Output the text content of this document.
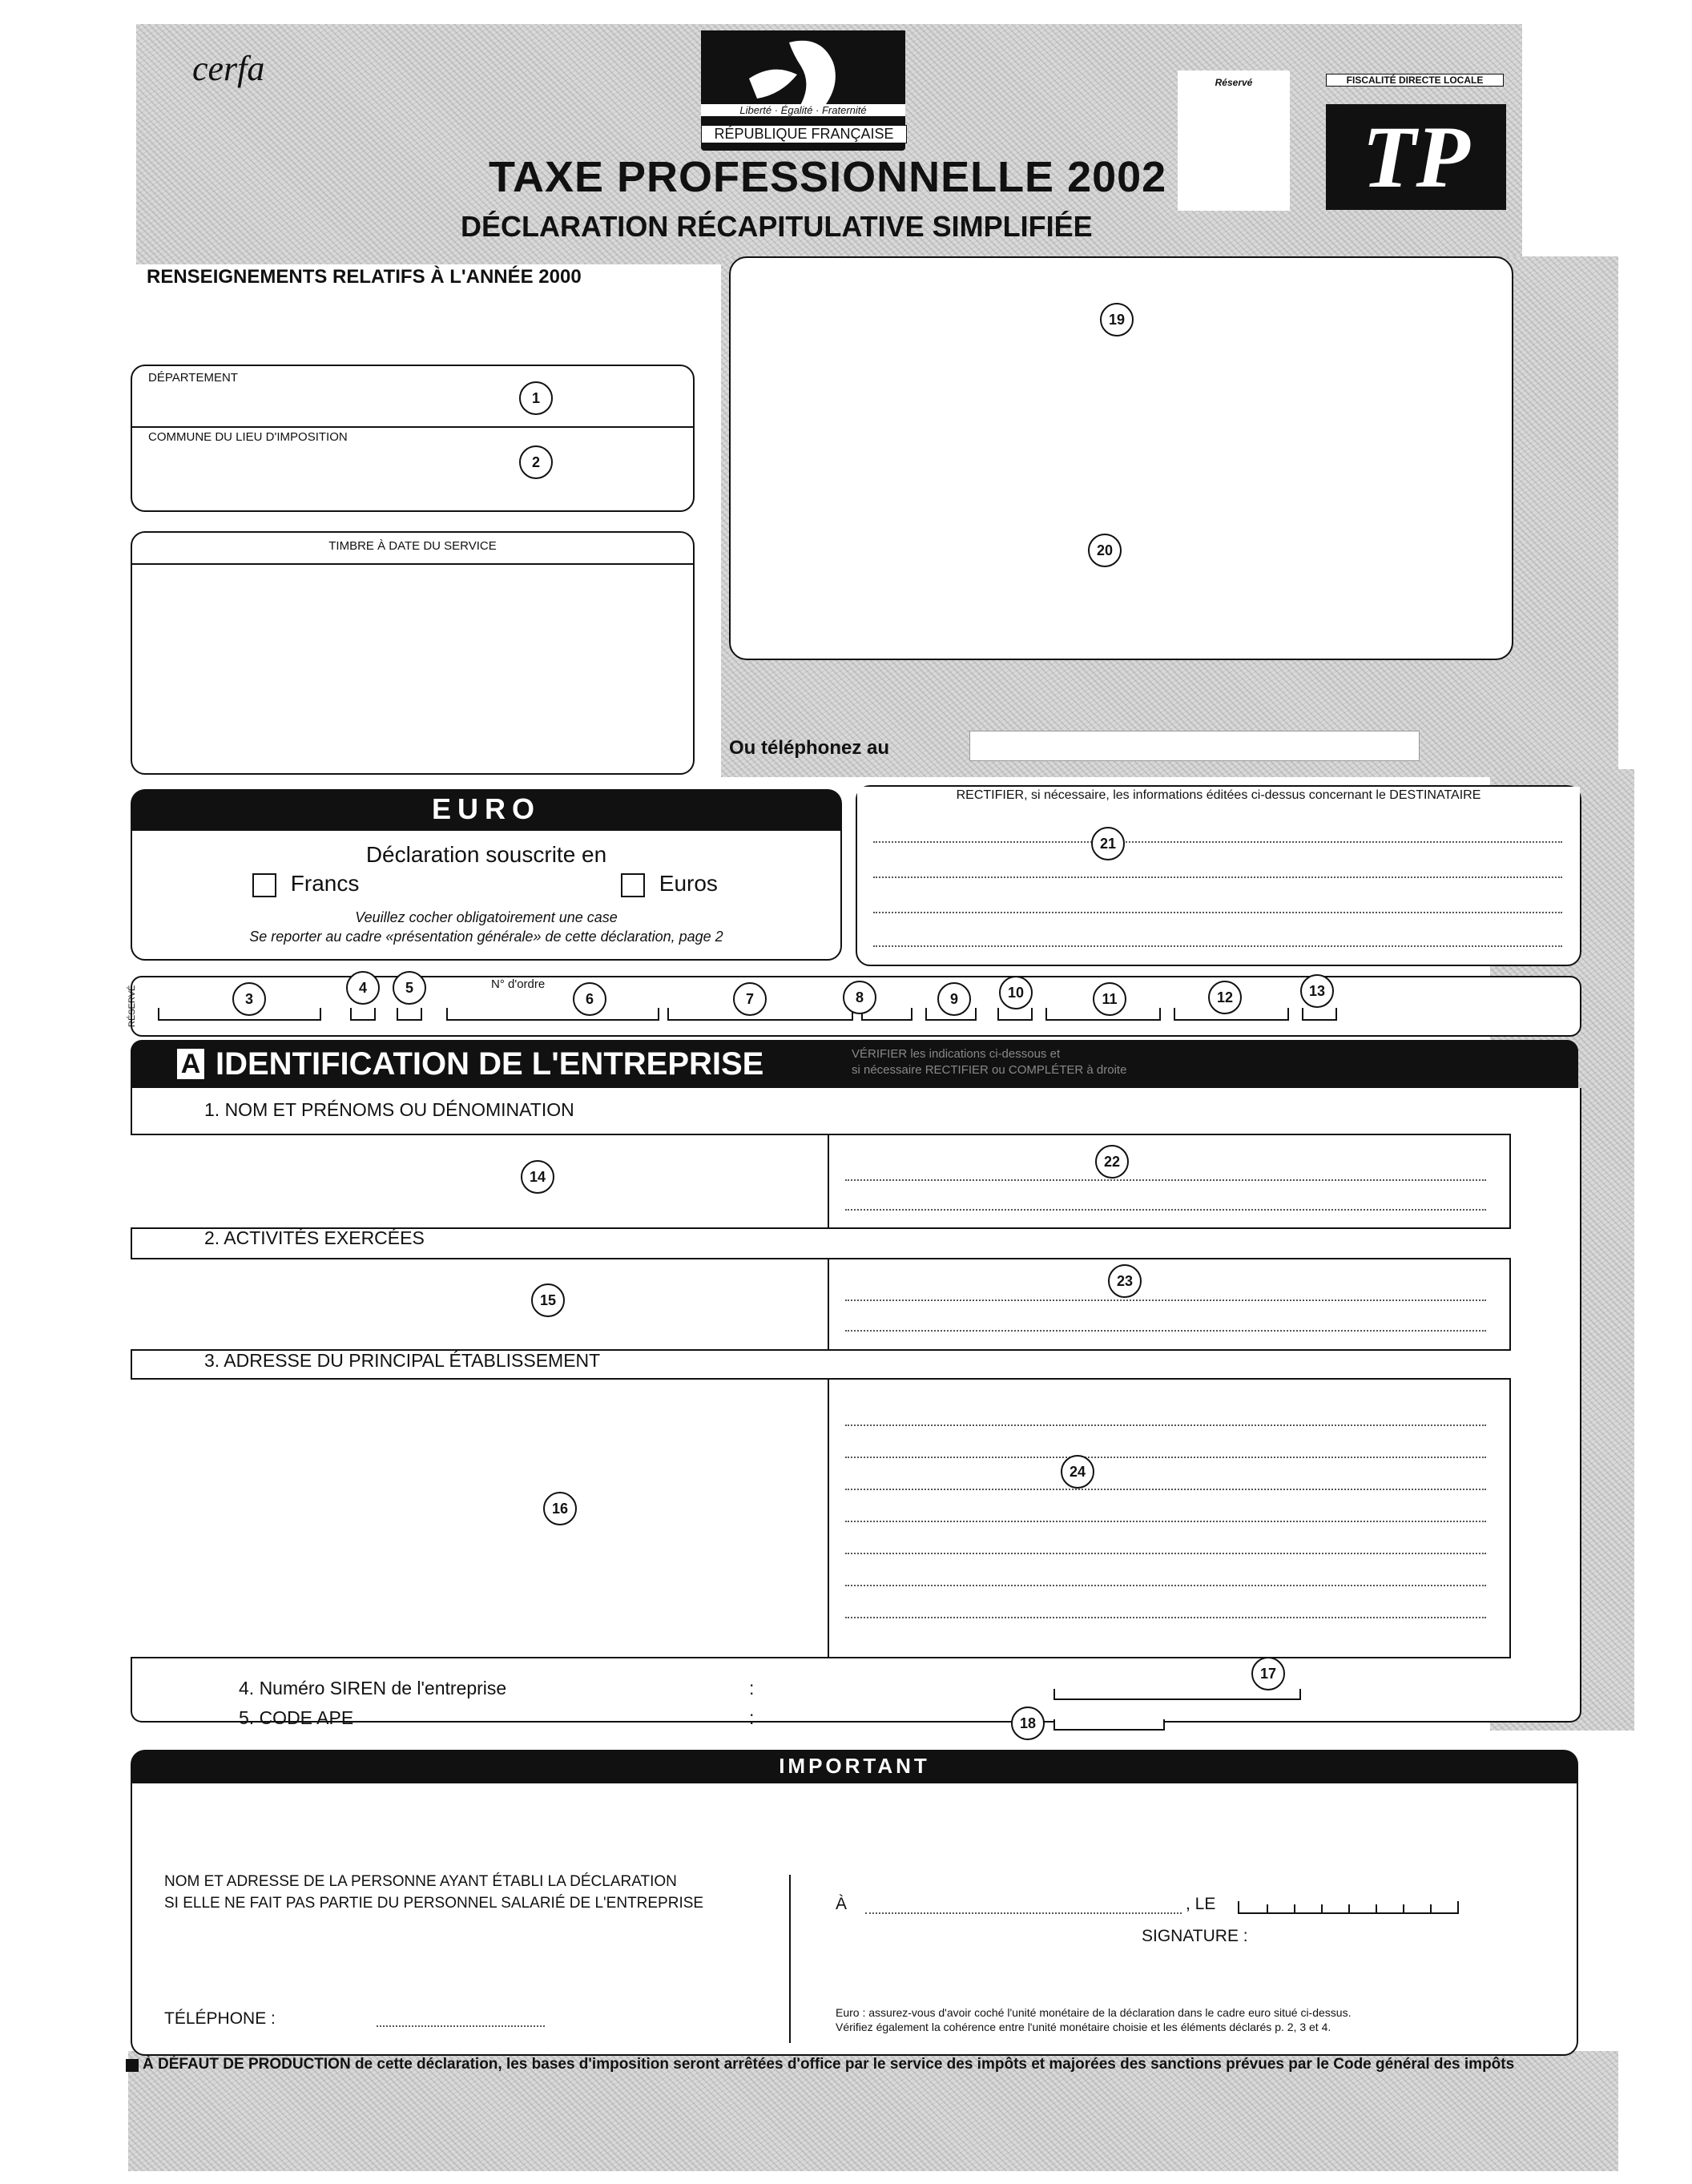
cerfa
Liberté · Égalité · Fraternité
RÉPUBLIQUE FRANÇAISE
TAXE PROFESSIONNELLE 2002
DÉCLARATION RÉCAPITULATIVE SIMPLIFIÉE
RENSEIGNEMENTS RELATIFS À L'ANNÉE 2000
Réservé	FISCALITÉ DIRECTE LOCALE
TP
DÉPARTEMENT
COMMUNE DU LIEU D'IMPOSITION
1
2
TIMBRE À DATE DU SERVICE
19
20
Ou téléphonez au
EURO
Déclaration souscrite en
Francs	Euros
Veuillez cocher obligatoirement une case
Se reporter au cadre «présentation générale» de cette déclaration, page 2
RECTIFIER, si nécessaire, les informations éditées ci-dessus concernant le DESTINATAIRE
21
RÉSERVÉ
N° d'ordre
3
4	5
6	7	8	9	10	11	12	13
A IDENTIFICATION DE L'ENTREPRISE	VÉRIFIER les indications ci-dessous et
si nécessaire RECTIFIER ou COMPLÉTER à droite
1. NOM ET PRÉNOMS OU DÉNOMINATION
14
22
2. ACTIVITÉS EXERCÉES
15
23
3. ADRESSE DU PRINCIPAL ÉTABLISSEMENT
16
24
4. Numéro SIREN de l'entreprise	:
5. CODE APE	:
17
18
IMPORTANT
NOM ET ADRESSE DE LA PERSONNE AYANT ÉTABLI LA DÉCLARATION
SI ELLE NE FAIT PAS PARTIE DU PERSONNEL SALARIÉ DE L'ENTREPRISE
TÉLÉPHONE :
À	, LE
SIGNATURE :
Euro : assurez-vous d'avoir coché l'unité monétaire de la déclaration dans le cadre euro situé ci-dessus.
Vérifiez également la cohérence entre l'unité monétaire choisie et les éléments déclarés p. 2, 3 et 4.
À DÉFAUT DE PRODUCTION de cette déclaration, les bases d'imposition seront arrêtées d'office par le service des impôts et majorées des sanctions prévues par le Code général des impôts
